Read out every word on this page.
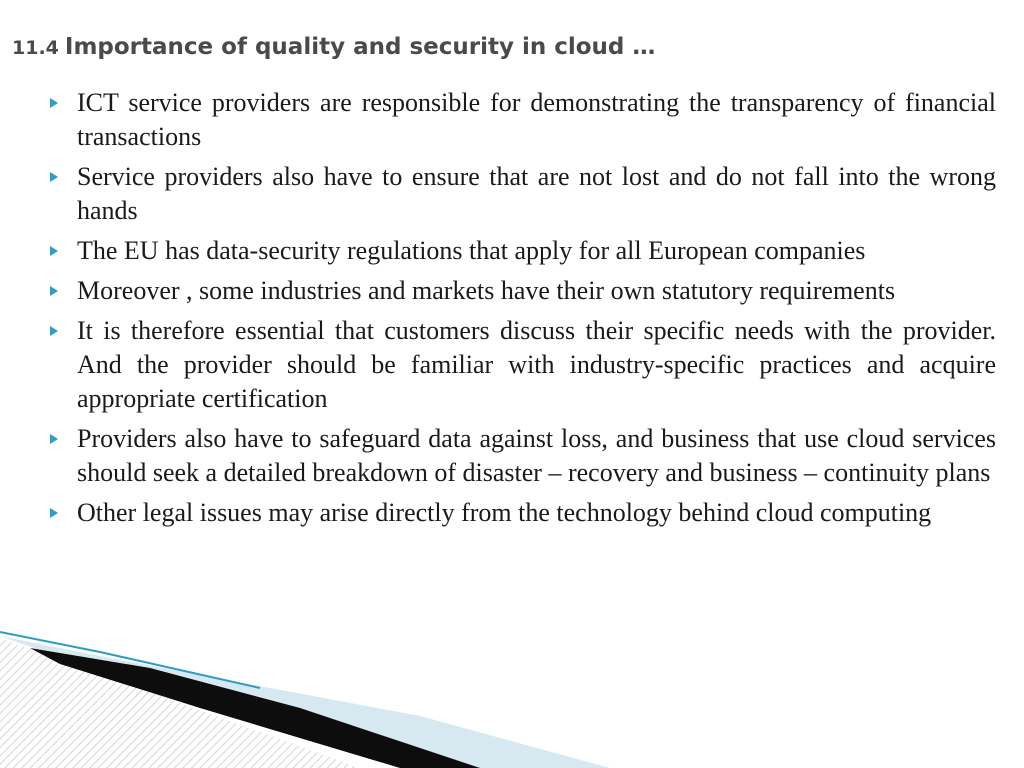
11.4 Importance of quality and security in cloud …
ICT service providers are responsible for demonstrating the transparency of financial transactions
Service providers also have to ensure that are not lost and do not fall into the wrong hands
The EU has data-security regulations that apply for all European companies
Moreover , some industries and markets have their own statutory requirements
It is therefore essential that customers discuss their specific needs with the provider. And the provider should be familiar with industry-specific practices and acquire appropriate certification
Providers also have to safeguard data against loss, and business that use cloud services should seek a detailed breakdown of disaster – recovery and business – continuity plans
Other legal issues may arise directly from the technology behind cloud computing
